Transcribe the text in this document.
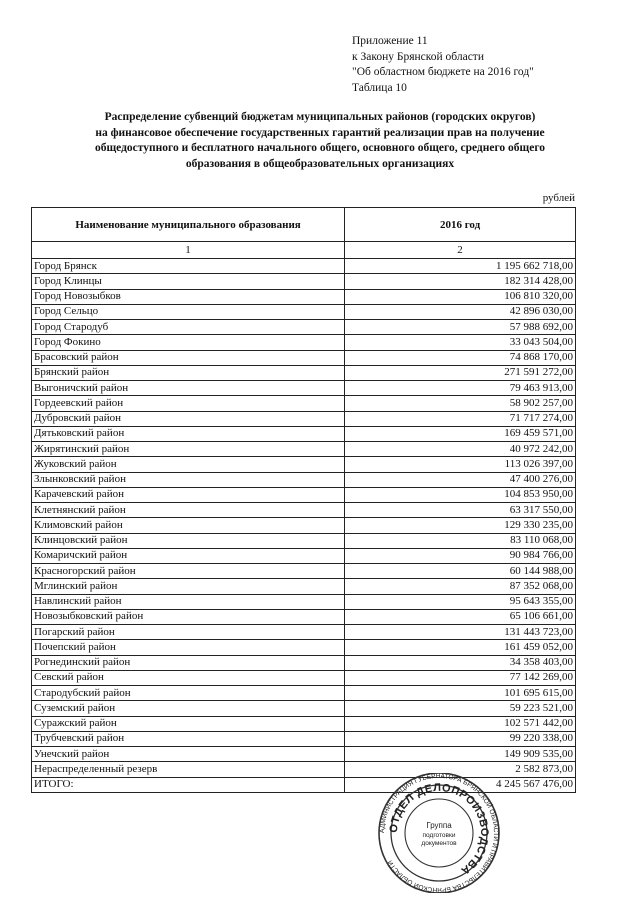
Приложение 11
к Закону Брянской области
"Об областном бюджете на 2016 год"
Таблица 10
Распределение субвенций бюджетам муниципальных районов (городских округов)
на финансовое обеспечение государственных гарантий реализации прав на получение
общедоступного и бесплатного начального общего, основного общего, среднего общего
образования в общеобразовательных организациях
рублей
Наименование муниципального образования	2016 год
1	2
Город Брянск	1 195 662 718,00
Город Клинцы	182 314 428,00
Город Новозыбков	106 810 320,00
Город Сельцо	42 896 030,00
Город Стародуб	57 988 692,00
Город Фокино	33 043 504,00
Брасовский район	74 868 170,00
Брянский район	271 591 272,00
Выгоничский район	79 463 913,00
Гордеевский район	58 902 257,00
Дубровский район	71 717 274,00
Дятьковский район	169 459 571,00
Жирятинский район	40 972 242,00
Жуковский район	113 026 397,00
Злынковский район	47 400 276,00
Карачевский район	104 853 950,00
Клетнянский район	63 317 550,00
Климовский район	129 330 235,00
Клинцовский район	83 110 068,00
Комаричский район	90 984 766,00
Красногорский район	60 144 988,00
Мглинский район	87 352 068,00
Навлинский район	95 643 355,00
Новозыбковский район	65 106 661,00
Погарский район	131 443 723,00
Почепский район	161 459 052,00
Рогнединский район	34 358 403,00
Севский район	77 142 269,00
Стародубский район	101 695 615,00
Суземский район	59 223 521,00
Суражский район	102 571 442,00
Трубчевский район	99 220 338,00
Унечский район	149 909 535,00
Нераспределенный резерв	2 582 873,00
ИТОГО:	4 245 567 476,00
АДМИНИСТРАЦИЯ ГУБЕРНАТОРА БРЯНСКОЙ ОБЛАСТИ И ПРАВИТЕЛЬСТВА БРЯНСКОЙ ОБЛАСТИ
ОТДЕЛ ДЕЛОПРОИЗВОДСТВА
Группа
подготовки
документов
